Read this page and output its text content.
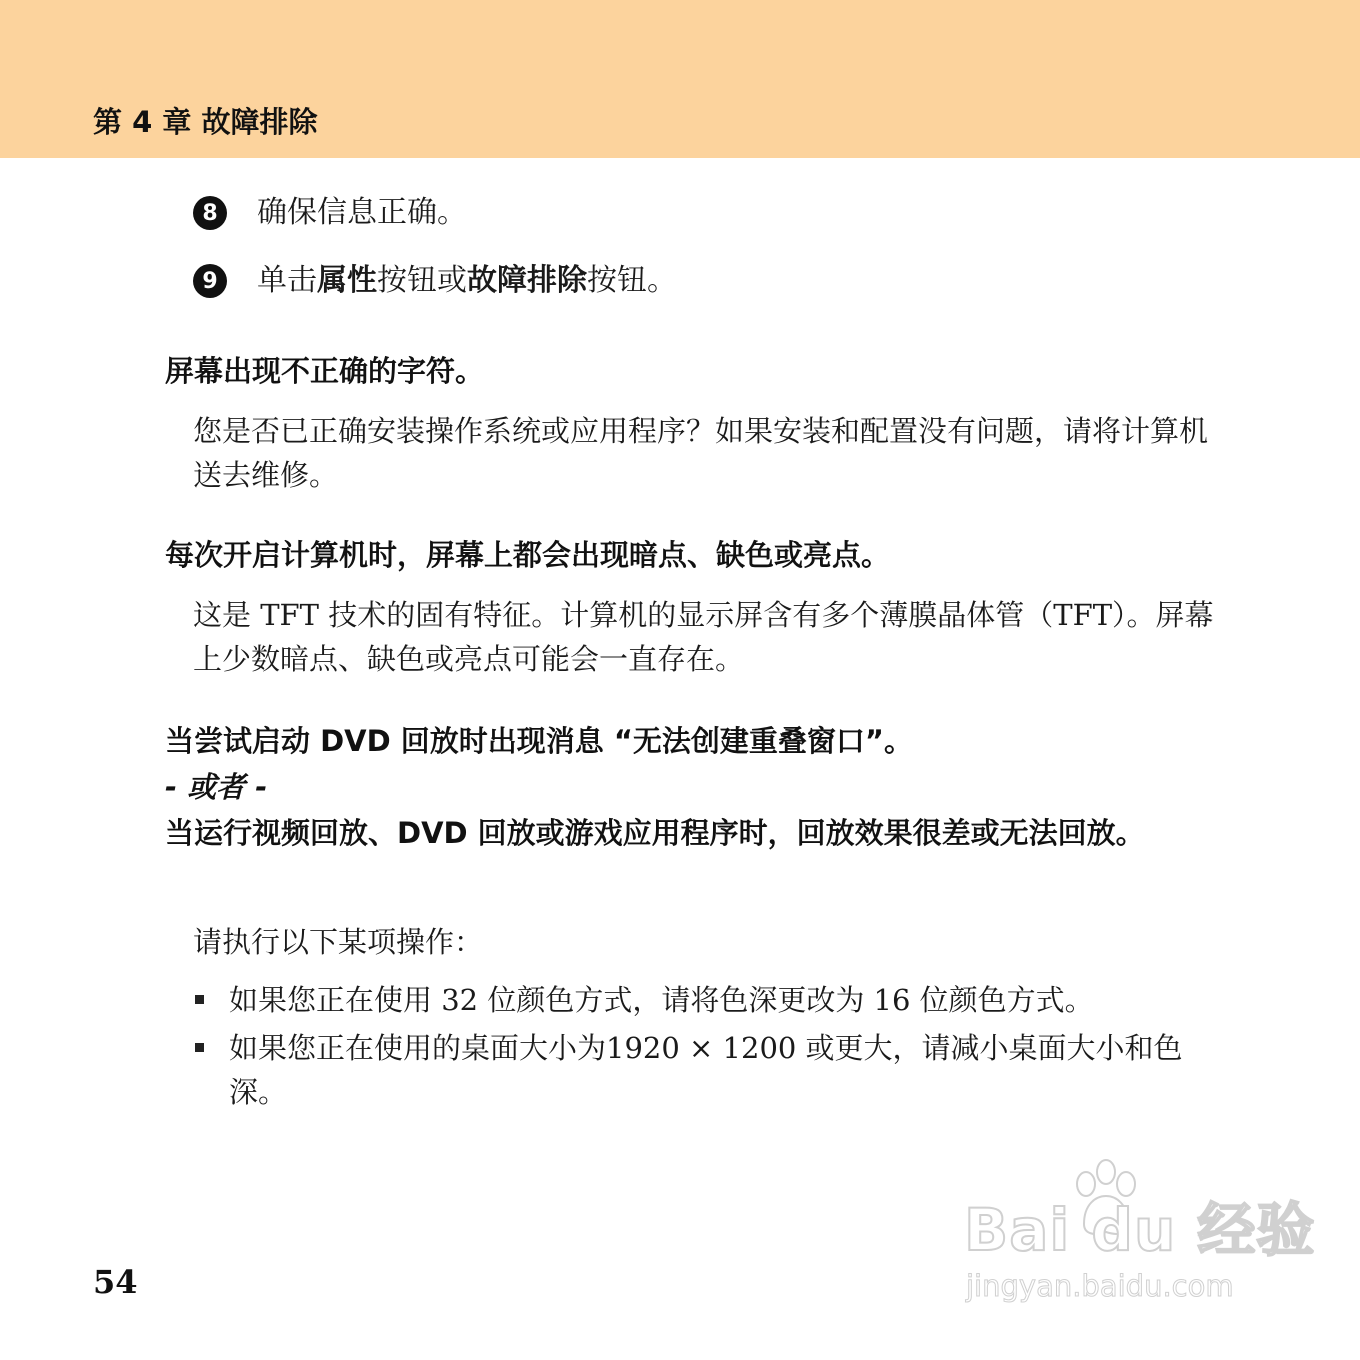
第 4 章 故障排除
8	确保信息正确。
9	单击属性按钮或故障排除按钮。
屏幕出现不正确的字符。
您是否已正确安装操作系统或应用程序？如果安装和配置没有问题，请将计算机送去维修。
每次开启计算机时，屏幕上都会出现暗点、缺色或亮点。
这是 TFT 技术的固有特征。计算机的显示屏含有多个薄膜晶体管（TFT）。屏幕上少数暗点、缺色或亮点可能会一直存在。
当尝试启动 DVD 回放时出现消息 “无法创建重叠窗口”。
- 或者 -
当运行视频回放、DVD 回放或游戏应用程序时，回放效果很差或无法回放。
请执行以下某项操作：
如果您正在使用 32 位颜色方式，请将色深更改为 16 位颜色方式。
如果您正在使用的桌面大小为1920 × 1200 或更大，请减小桌面大小和色深。
54
Bai du 经验
jingyan.baidu.com
